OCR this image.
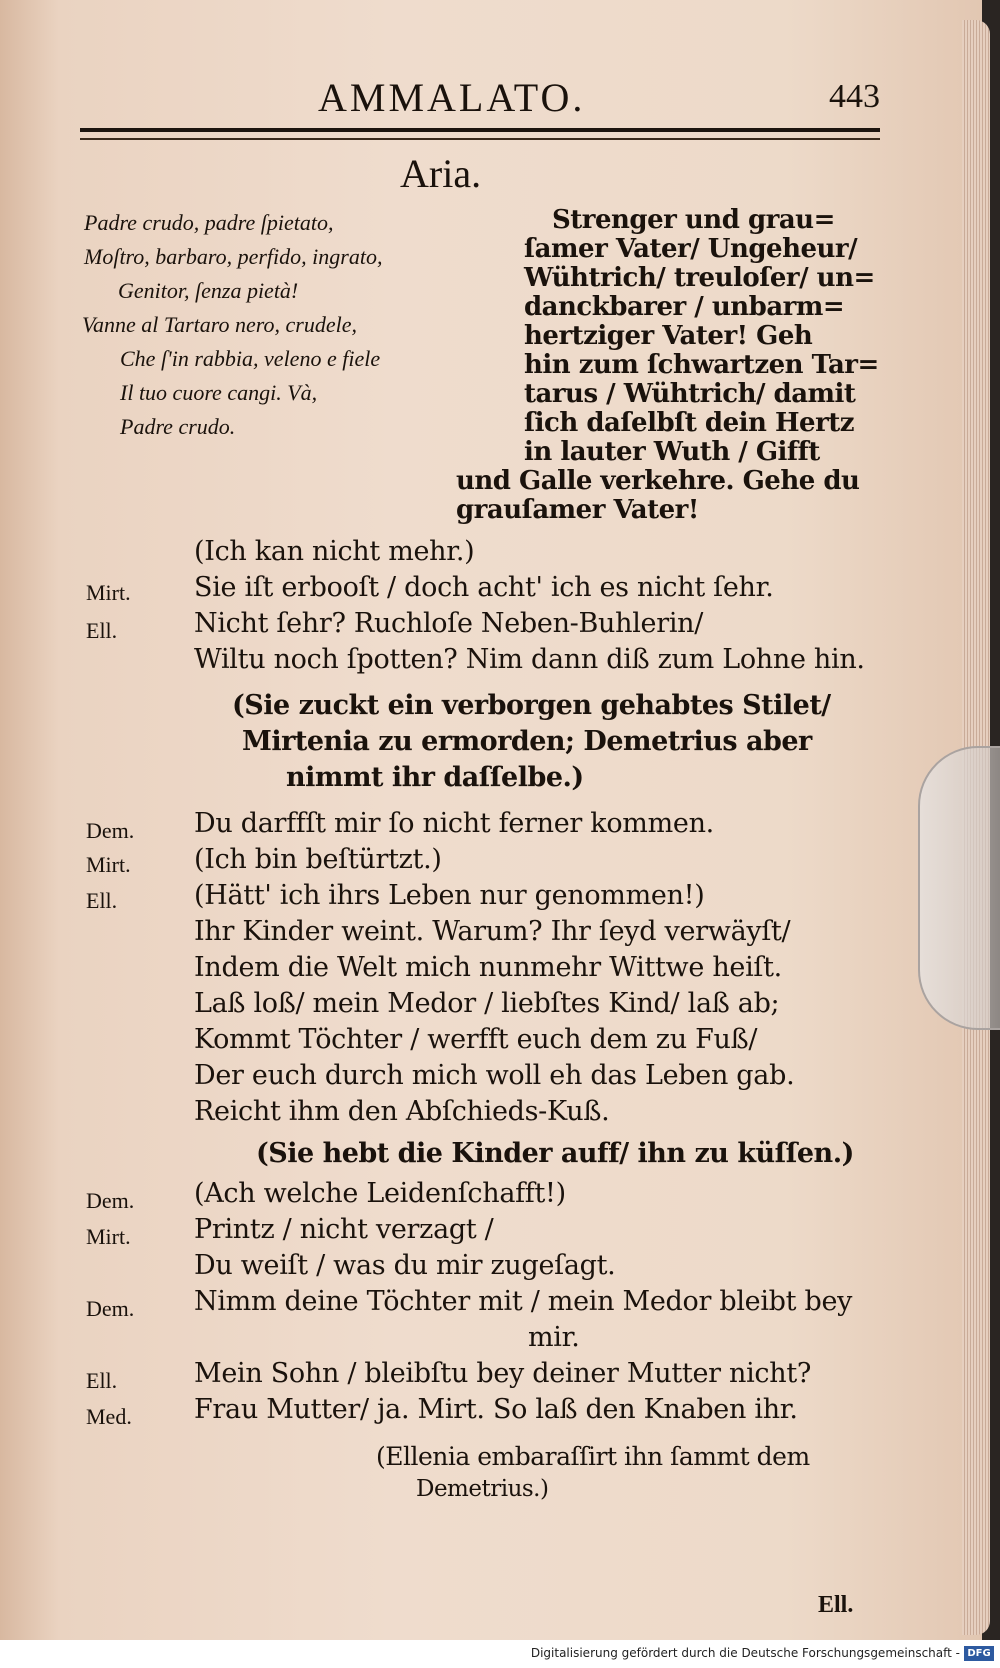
AMMALATO.	443
Aria.
Padre crudo, padre ſpietato,
Moſtro, barbaro, perfido, ingrato,
Genitor, ſenza pietà!
Vanne al Tartaro nero, crudele,
Che ſ'in rabbia, veleno e fiele
Il tuo cuore cangi. Và,
Padre crudo.
Strenger und grau=
ſamer Vater/ Ungeheur/
Wühtrich/ treuloſer/ un=
danckbarer / unbarm=
hertziger Vater! Geh
hin zum ſchwartzen Tar=
tarus / Wühtrich/ damit
ſich daſelbſt dein Hertz
in lauter Wuth / Gifft
und Galle verkehre. Gehe du
grauſamer Vater!
(Ich kan nicht mehr.)
Mirt. Sie iſt erbooſt / doch acht' ich es nicht ſehr.
Ell.	Nicht ſehr? Ruchloſe Neben-Buhlerin/
Wiltu noch ſpotten? Nim dann diß zum Lohne hin.
(Sie zuckt ein verborgen gehabtes Stilet/
Mirtenia zu ermorden; Demetrius aber
nimmt ihr daſſelbe.)
Dem. Du darffſt mir ſo nicht ferner kommen.
Mirt. (Ich bin beſtürtzt.)
Ell.	(Hätt' ich ihrs Leben nur genommen!)
Ihr Kinder weint. Warum? Ihr ſeyd verwäyſt/
Indem die Welt mich nunmehr Wittwe heiſt.
Laß loß/ mein Medor / liebſtes Kind/ laß ab;
Kommt Töchter / werfft euch dem zu Fuß/
Der euch durch mich woll eh das Leben gab.
Reicht ihm den Abſchieds-Kuß.
(Sie hebt die Kinder auff/ ihn zu küſſen.)
Dem. (Ach welche Leidenſchafft!)
Mirt. Printz / nicht verzagt /
Du weiſt / was du mir zugeſagt.
Dem. Nimm deine Töchter mit / mein Medor bleibt bey
mir.
Ell.	Mein Sohn / bleibſtu bey deiner Mutter nicht?
Med. Frau Mutter/ ja. Mirt. So laß den Knaben ihr.
(Ellenia embaraſſirt ihn ſammt dem
Demetrius.)
Ell.
Digitalisierung gefördert durch die Deutsche Forschungsgemeinschaft - DFG
